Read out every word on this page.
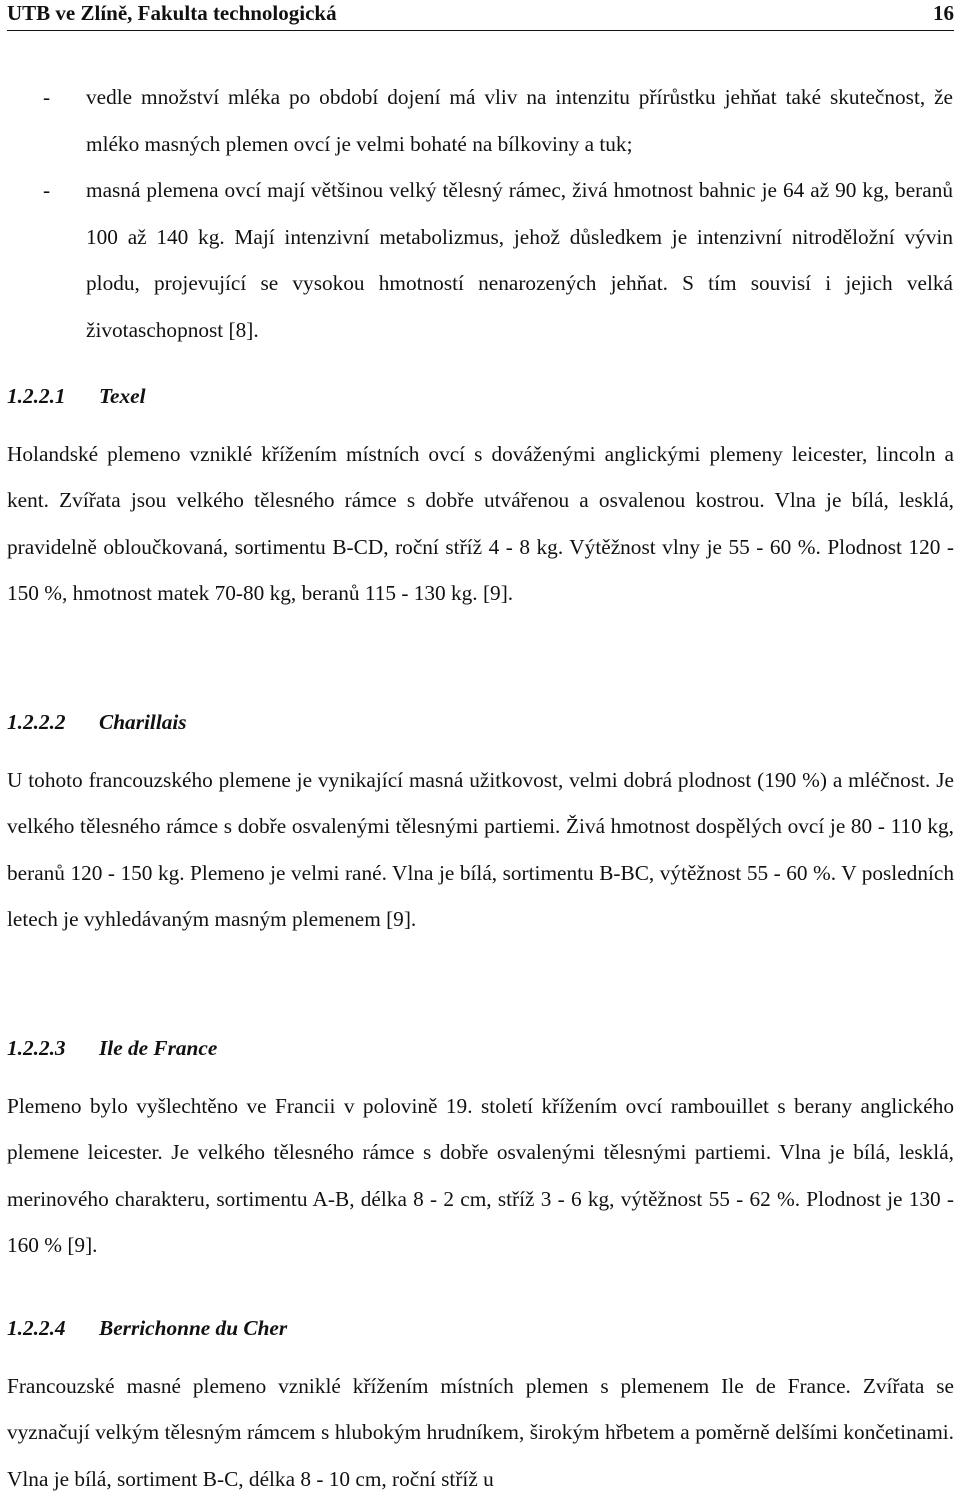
UTB ve Zlíně, Fakulta technologická	16
- vedle množství mléka po období dojení má vliv na intenzitu přírůstku jehňat také skutečnost, že mléko masných plemen ovcí je velmi bohaté na bílkoviny a tuk;
- masná plemena ovcí mají většinou velký tělesný rámec, živá hmotnost bahnic je 64 až 90 kg, beranů 100 až 140 kg. Mají intenzivní metabolizmus, jehož důsledkem je intenzivní nitroděložní vývin plodu, projevující se vysokou hmotností nenarozených jehňat. S tím souvisí i jejich velká životaschopnost [8].
1.2.2.1 Texel
Holandské plemeno vzniklé křížením místních ovcí s dováženými anglickými plemeny leicester, lincoln a kent. Zvířata jsou velkého tělesného rámce s dobře utvářenou a osvalenou kostrou. Vlna je bílá, lesklá, pravidelně obloučkovaná, sortimentu B-CD, roční stříž 4 - 8 kg. Výtěžnost vlny je 55 - 60 %. Plodnost 120 - 150 %, hmotnost matek 70-80 kg, beranů 115 - 130 kg. [9].
1.2.2.2 Charillais
U tohoto francouzského plemene je vynikající masná užitkovost, velmi dobrá plodnost (190 %) a mléčnost. Je velkého tělesného rámce s dobře osvalenými tělesnými partiemi. Živá hmotnost dospělých ovcí je 80 - 110 kg, beranů 120 - 150 kg. Plemeno je velmi rané. Vlna je bílá, sortimentu B-BC, výtěžnost 55 - 60 %. V posledních letech je vyhledávaným masným plemenem [9].
1.2.2.3 Ile de France
Plemeno bylo vyšlechtěno ve Francii v polovině 19. století křížením ovcí rambouillet s berany anglického plemene leicester. Je velkého tělesného rámce s dobře osvalenými tělesnými partiemi. Vlna je bílá, lesklá, merinového charakteru, sortimentu A-B, délka 8 - 2 cm, stříž 3 - 6 kg, výtěžnost 55 - 62 %. Plodnost je 130 - 160 % [9].
1.2.2.4 Berrichonne du Cher
Francouzské masné plemeno vzniklé křížením místních plemen s plemenem Ile de France. Zvířata se vyznačují velkým tělesným rámcem s hlubokým hrudníkem, širokým hřbetem a poměrně delšími končetinami. Vlna je bílá, sortiment B-C, délka 8 - 10 cm, roční stříž u
